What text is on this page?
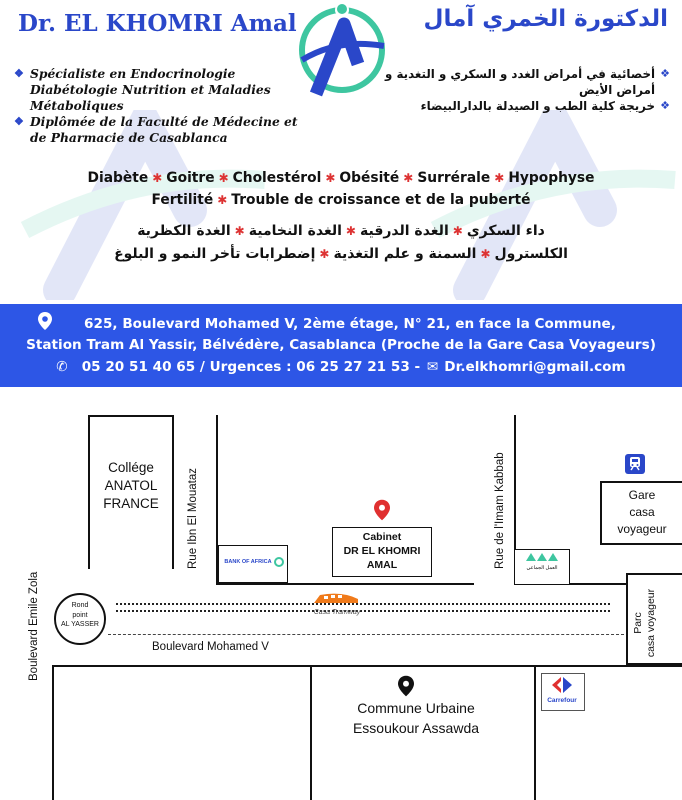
Dr. EL KHOMRI Amal	الدكتورة الخمري آمال
❖ Spécialiste en Endocrinologie Diabétologie Nutrition et Maladies Métaboliques
❖ Diplômée de la Faculté de Médecine et de Pharmacie de Casablanca
❖
أخصائية في أمراض الغدد و السكري و التغدية و أمراض الأيض
❖
خريجة كلية الطب و الصيدلة بالدارالبيضاء
Diabète ✱ Goitre ✱ Cholestérol ✱ Obésité ✱ Surrérale ✱ Hypophyse
Fertilité ✱ Trouble de croissance et de la puberté
داء السكري✱الغدة الدرقية✱الغدة النخامية✱الغدة الكظرية
الكلسترول✱السمنة و علم التغذية✱إضطرابات تأخر النمو و البلوغ
625, Boulevard Mohamed V, 2ème étage, N° 21, en face la Commune,
Station Tram Al Yassir, Bélvédère, Casablanca (Proche de la Gare Casa Voyageurs)
✆ 05 20 51 40 65 / Urgences : 06 25 27 21 53 - ✉ Dr.elkhomri@gmail.com
Collége
ANATOL
FRANCE	Rue Ibn El Mouataz	Rue de l'Imam Kabbab
Boulevard Emile Zola
BANK OF AFRICA
Cabinet
DR EL KHOMRI
AMAL	العمل الجماعي
Gare
casa
voyageur
Casa Tramway
Rond
point
AL YASSER
Boulevard Mohamed V
Parc
casa voyageur
Commune Urbaine
Essoukour Assawda
Carrefour
